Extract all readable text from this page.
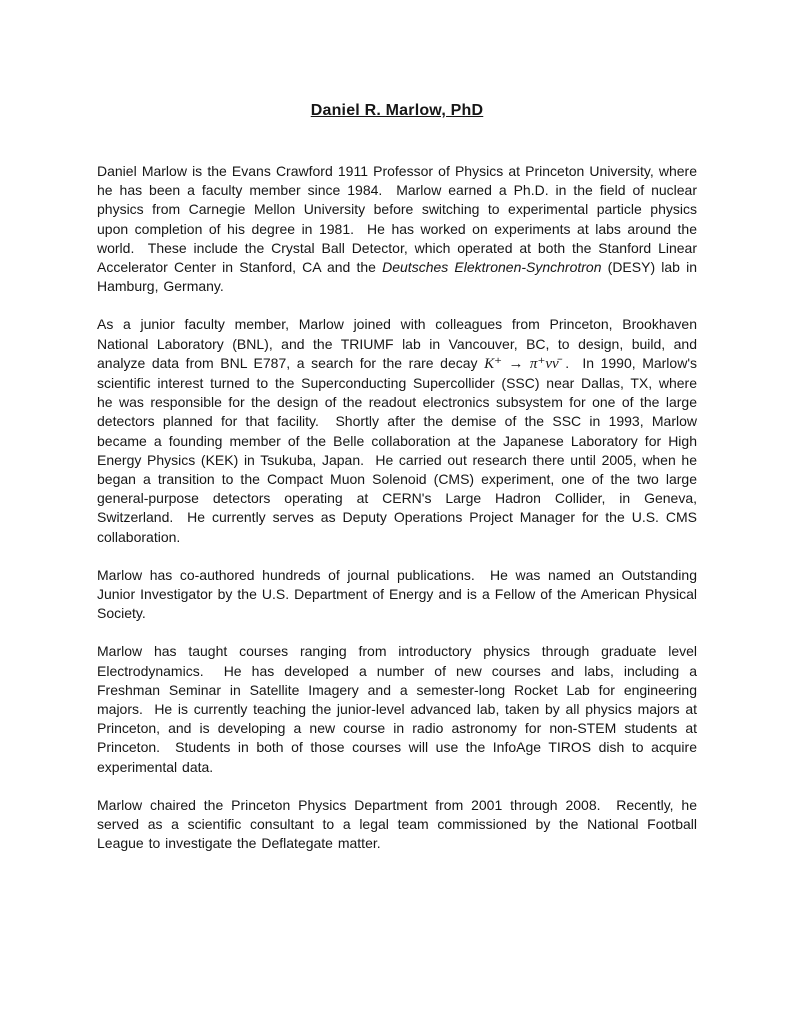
Daniel R. Marlow, PhD

Daniel Marlow is the Evans Crawford 1911 Professor of Physics at Princeton University, where he has been a faculty member since 1984.  Marlow earned a Ph.D. in the field of nuclear physics from Carnegie Mellon University before switching to experimental particle physics upon completion of his degree in 1981.  He has worked on experiments at labs around the world.  These include the Crystal Ball Detector, which operated at both the Stanford Linear Accelerator Center in Stanford, CA and the Deutsches Elektronen-Synchrotron (DESY) lab in Hamburg, Germany.

As a junior faculty member, Marlow joined with colleagues from Princeton, Brookhaven National Laboratory (BNL), and the TRIUMF lab in Vancouver, BC, to design, build, and analyze data from BNL E787, a search for the rare decay K⁺ → π⁺νν̄ .  In 1990, Marlow's scientific interest turned to the Superconducting Supercollider (SSC) near Dallas, TX, where he was responsible for the design of the readout electronics subsystem for one of the large detectors planned for that facility.  Shortly after the demise of the SSC in 1993, Marlow became a founding member of the Belle collaboration at the Japanese Laboratory for High Energy Physics (KEK) in Tsukuba, Japan.  He carried out research there until 2005, when he began a transition to the Compact Muon Solenoid (CMS) experiment, one of the two large general-purpose detectors operating at CERN's Large Hadron Collider, in Geneva, Switzerland.  He currently serves as Deputy Operations Project Manager for the U.S. CMS collaboration.

Marlow has co-authored hundreds of journal publications.  He was named an Outstanding Junior Investigator by the U.S. Department of Energy and is a Fellow of the American Physical Society.

Marlow has taught courses ranging from introductory physics through graduate level Electrodynamics.  He has developed a number of new courses and labs, including a Freshman Seminar in Satellite Imagery and a semester-long Rocket Lab for engineering majors.  He is currently teaching the junior-level advanced lab, taken by all physics majors at Princeton, and is developing a new course in radio astronomy for non-STEM students at Princeton.  Students in both of those courses will use the InfoAge TIROS dish to acquire experimental data.

Marlow chaired the Princeton Physics Department from 2001 through 2008.  Recently, he served as a scientific consultant to a legal team commissioned by the National Football League to investigate the Deflategate matter.
